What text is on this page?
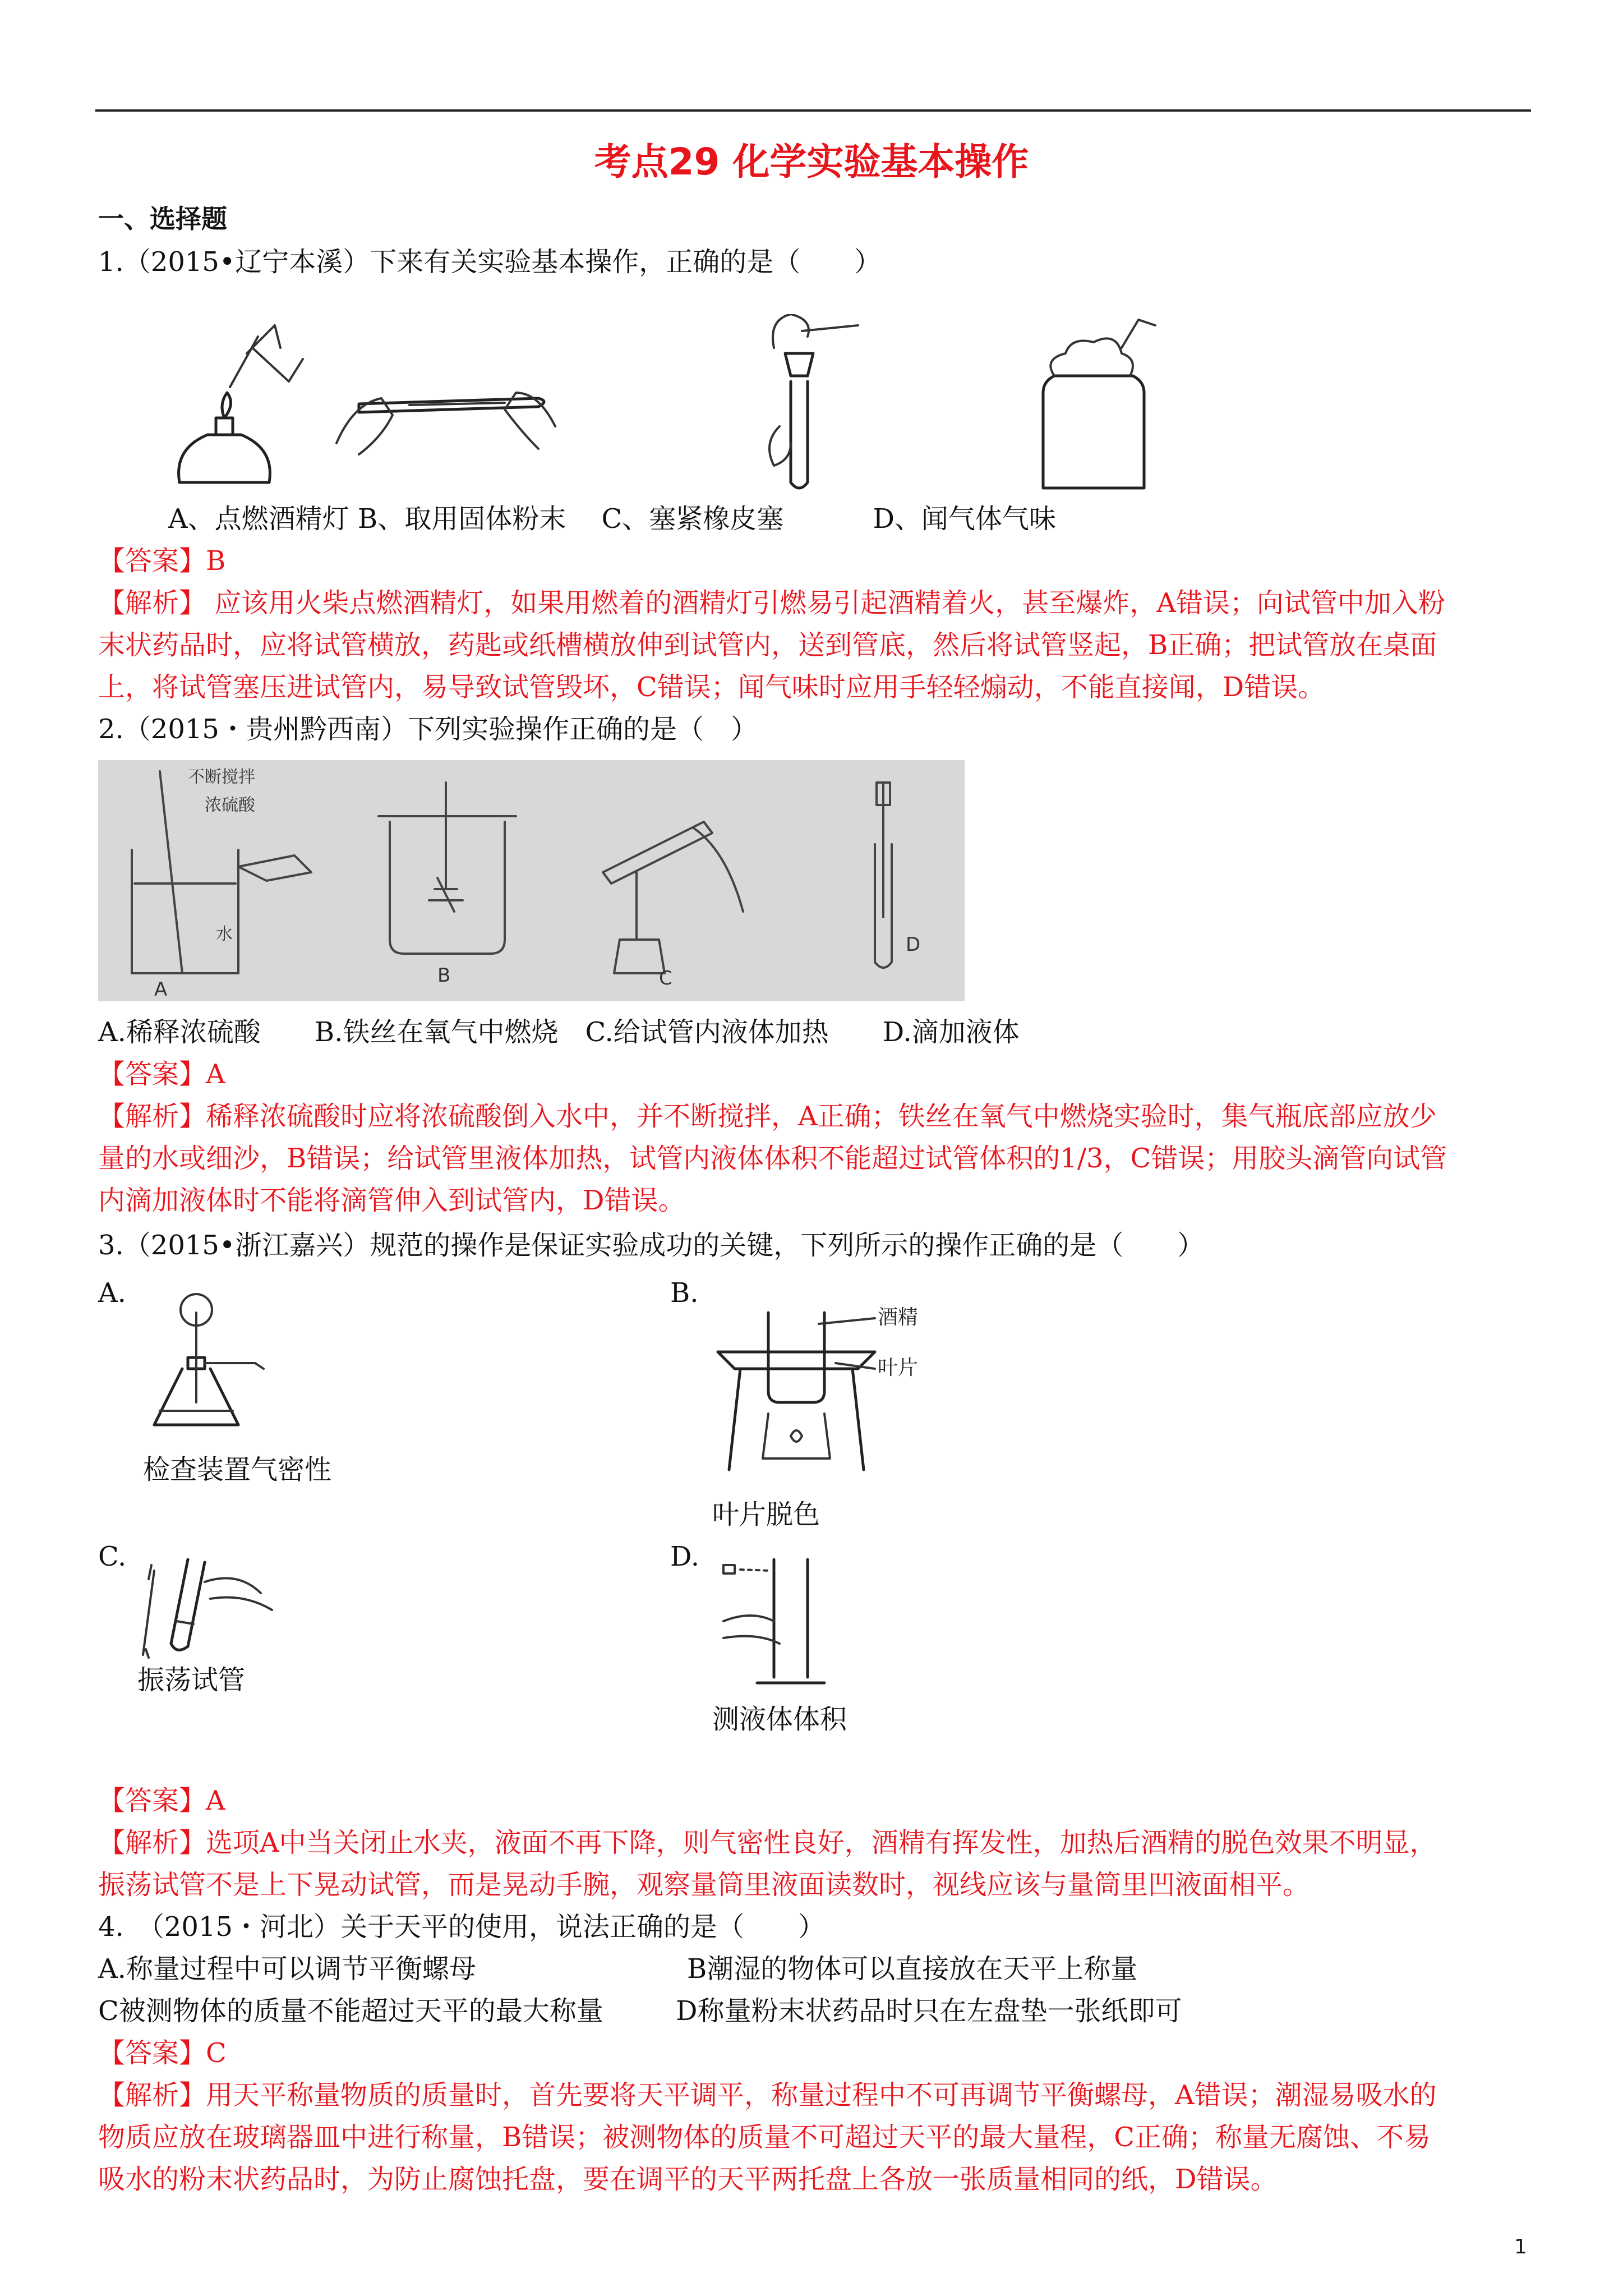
考点29 化学实验基本操作
一、选择题
1.（2015•辽宁本溪）下来有关实验基本操作，正确的是（　　）
A、点燃酒精灯 B、取用固体粉末　 C、塞紧橡皮塞　　　 D、闻气体气味
【答案】B
【解析】 应该用火柴点燃酒精灯，如果用燃着的酒精灯引燃易引起酒精着火，甚至爆炸，A错误；向试管中加入粉
末状药品时，应将试管横放，药匙或纸槽横放伸到试管内，送到管底，然后将试管竖起，B正确；把试管放在桌面
上，将试管塞压进试管内，易导致试管毁坏，C错误；闻气味时应用手轻轻煽动，不能直接闻，D错误。
2.（2015・贵州黔西南）下列实验操作正确的是（　）
不断搅拌
浓硫酸
水
A
B	C
D
A.稀释浓硫酸　　B.铁丝在氧气中燃烧　C.给试管内液体加热　　D.滴加液体
【答案】A
【解析】稀释浓硫酸时应将浓硫酸倒入水中，并不断搅拌，A正确；铁丝在氧气中燃烧实验时，集气瓶底部应放少
量的水或细沙，B错误；给试管里液体加热，试管内液体体积不能超过试管体积的1/3，C错误；用胶头滴管向试管
内滴加液体时不能将滴管伸入到试管内，D错误。
3.（2015•浙江嘉兴）规范的操作是保证实验成功的关键，下列所示的操作正确的是（　　）
A.
检查装置气密性
B.
酒精
叶片
叶片脱色
C.
振荡试管
D.
测液体体积
【答案】A
【解析】选项A中当关闭止水夹，液面不再下降，则气密性良好，酒精有挥发性，加热后酒精的脱色效果不明显，
振荡试管不是上下晃动试管，而是晃动手腕，观察量筒里液面读数时，视线应该与量筒里凹液面相平。
4.　（2015・河北）关于天平的使用，说法正确的是（　　）
A.称量过程中可以调节平衡螺母	B潮湿的物体可以直接放在天平上称量
C被测物体的质量不能超过天平的最大称量	D称量粉末状药品时只在左盘垫一张纸即可
【答案】C
【解析】用天平称量物质的质量时，首先要将天平调平，称量过程中不可再调节平衡螺母，A错误；潮湿易吸水的
物质应放在玻璃器皿中进行称量，B错误；被测物体的质量不可超过天平的最大量程，C正确；称量无腐蚀、不易
吸水的粉末状药品时，为防止腐蚀托盘，要在调平的天平两托盘上各放一张质量相同的纸，D错误。
1
